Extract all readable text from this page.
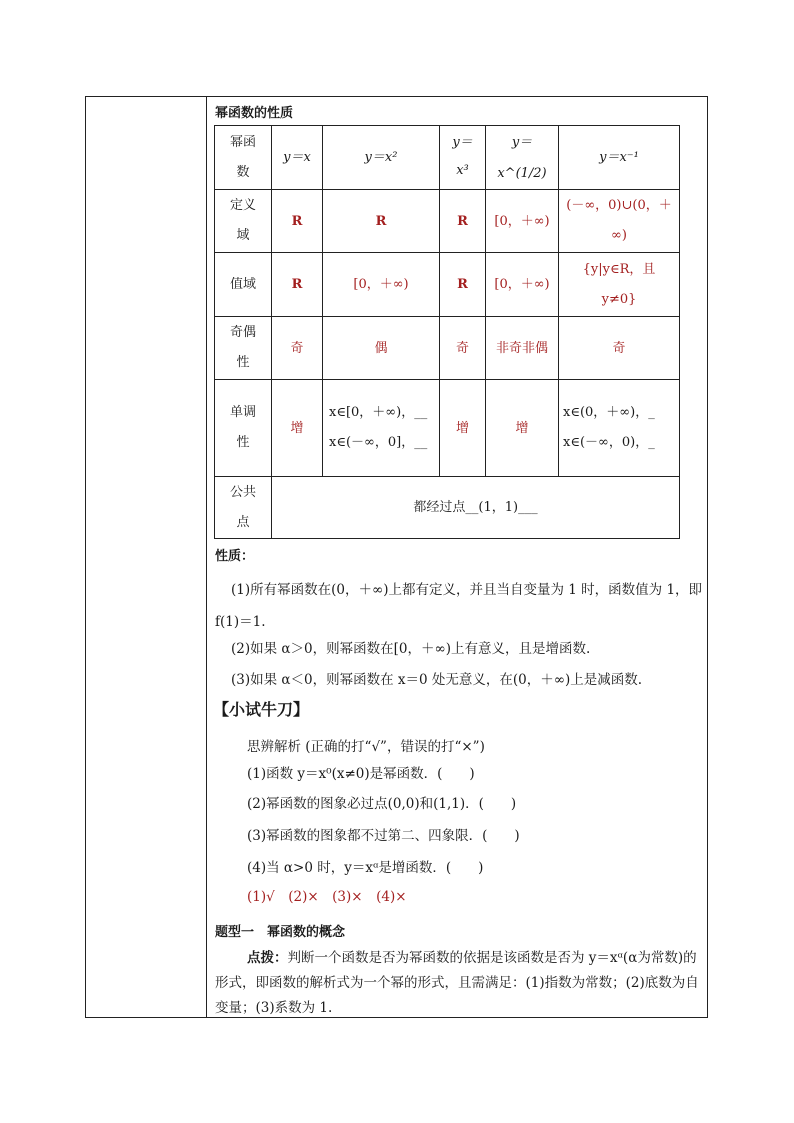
幂函数的性质
幂函数	y＝x	y＝x²	y＝x³	y＝x^(1/2)	y＝x⁻¹
定义域	R	R	R	[0，＋∞)	(－∞，0)∪(0，＋∞)
值域	R	[0，＋∞)	R	[0，＋∞)	{y|y∈R，且y≠0}
奇偶性	奇	偶	奇	非奇非偶	奇
单调性	增	x∈[0，＋∞)，__ x∈(－∞，0]，__	增	增	x∈(0，＋∞)，_ x∈(－∞，0)，_
公共点	都经过点__(1，1)___				
性质：
(1)所有幂函数在(0，＋∞)上都有定义，并且当自变量为 1 时，函数值为 1，即f(1)＝1.
(2)如果 α＞0，则幂函数在[0，＋∞)上有意义，且是增函数.
(3)如果 α＜0，则幂函数在 x＝0 处无意义，在(0，＋∞)上是减函数.
【小试牛刀】
思辨解析 (正确的打“√”，错误的打“×”)
(1)函数 y＝x⁰(x≠0)是幂函数．(　　)
(2)幂函数的图象必过点(0,0)和(1,1)．(　　)
(3)幂函数的图象都不过第二、四象限．(　　)
(4)当 α>0 时，y＝xᵅ是增函数．(　　)
(1)√　(2)×　(3)×　(4)×
题型一　幂函数的概念
点拨：判断一个函数是否为幂函数的依据是该函数是否为 y＝xᵅ(α为常数)的形式，即函数的解析式为一个幂的形式，且需满足：(1)指数为常数；(2)底数为自变量；(3)系数为 1.
